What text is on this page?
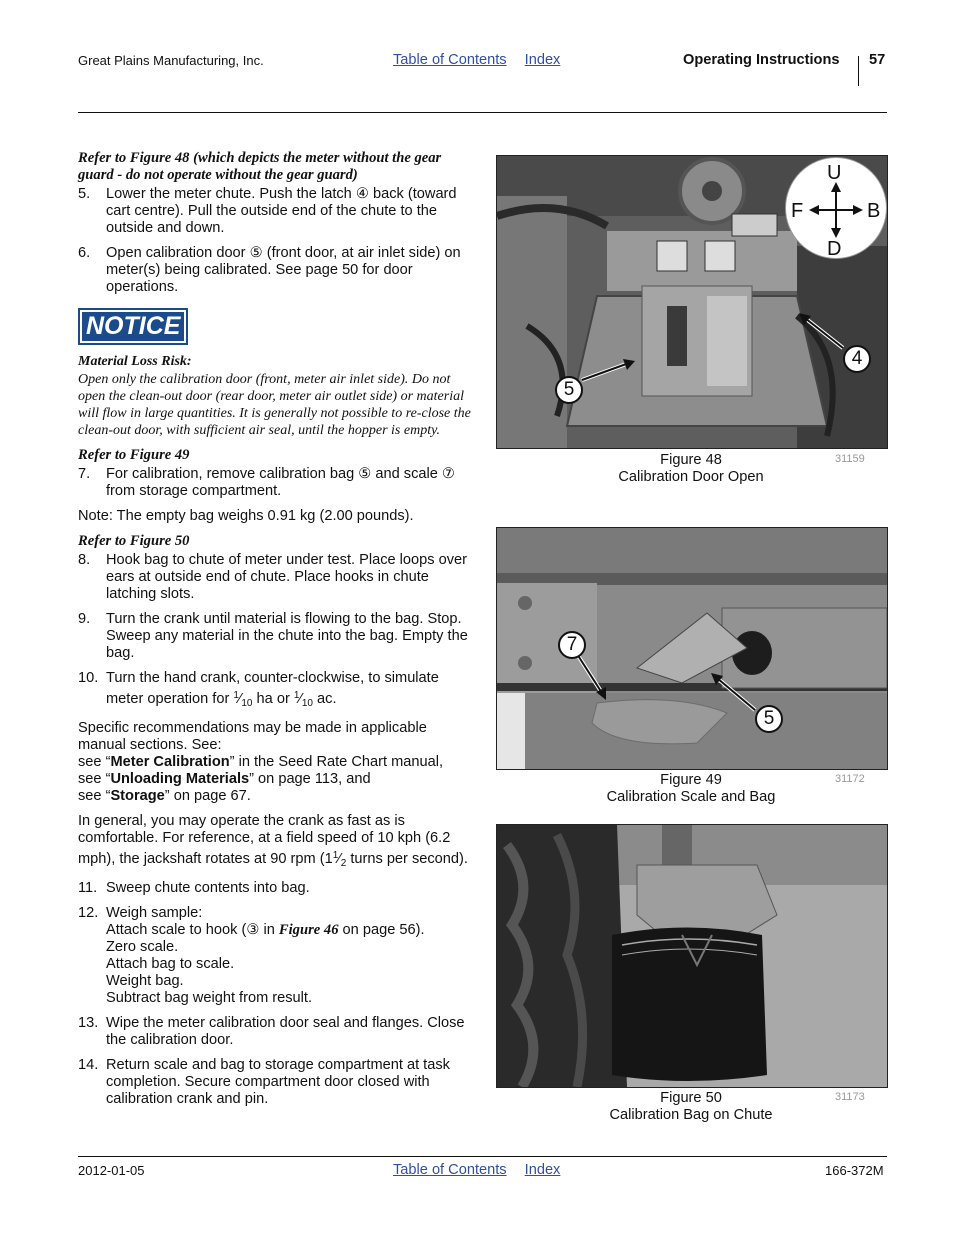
Great Plains Manufacturing, Inc.	Table of Contents Index	Operating Instructions 57
Refer to Figure 48 (which depicts the meter without the gear guard - do not operate without the gear guard)
5.	Lower the meter chute. Push the latch ④ back (toward cart centre). Pull the outside end of the chute to the outside and down.
6.	Open calibration door ⑤ (front door, at air inlet side) on meter(s) being calibrated. See page 50 for door operations.
NOTICE
Material Loss Risk:
Open only the calibration door (front, meter air inlet side). Do not open the clean-out door (rear door, meter air outlet side) or material will flow in large quantities. It is generally not possible to re-close the clean-out door, with sufficient air seal, until the hopper is empty.
Refer to Figure 49
7.	For calibration, remove calibration bag ⑤ and scale ⑦ from storage compartment.
Note: The empty bag weighs 0.91 kg (2.00 pounds).
Refer to Figure 50
8.	Hook bag to chute of meter under test. Place loops over ears at outside end of chute. Place hooks in chute latching slots.
9.	Turn the crank until material is flowing to the bag. Stop. Sweep any material in the chute into the bag. Empty the bag.
10. Turn the hand crank, counter-clockwise, to simulate meter operation for $^1⁄_{10}$ ha or $^1⁄_{10}$ ac.
Specific recommendations may be made in applicable manual sections. See:
see “Meter Calibration” in the Seed Rate Chart manual,
see “Unloading Materials” on page 113, and
see “Storage” on page 67.
In general, you may operate the crank as fast as is comfortable. For reference, at a field speed of 10 kph (6.2 mph), the jackshaft rotates at 90 rpm ($1^1⁄_2$ turns per second).
11. Sweep chute contents into bag.
12. Weigh sample:
Attach scale to hook (③ in Figure 46 on page 56).
Zero scale.
Attach bag to scale.
Weight bag.
Subtract bag weight from result.
13. Wipe the meter calibration door seal and flanges. Close the calibration door.
14. Return scale and bag to storage compartment at task completion. Secure compartment door closed with calibration crank and pin.
U
D
F	B
5
4
Figure 48
Calibration Door Open
31159
7
5
Figure 49
Calibration Scale and Bag
31172
Figure 50
Calibration Bag on Chute
31173
2012-01-05	Table of Contents Index	166-372M
